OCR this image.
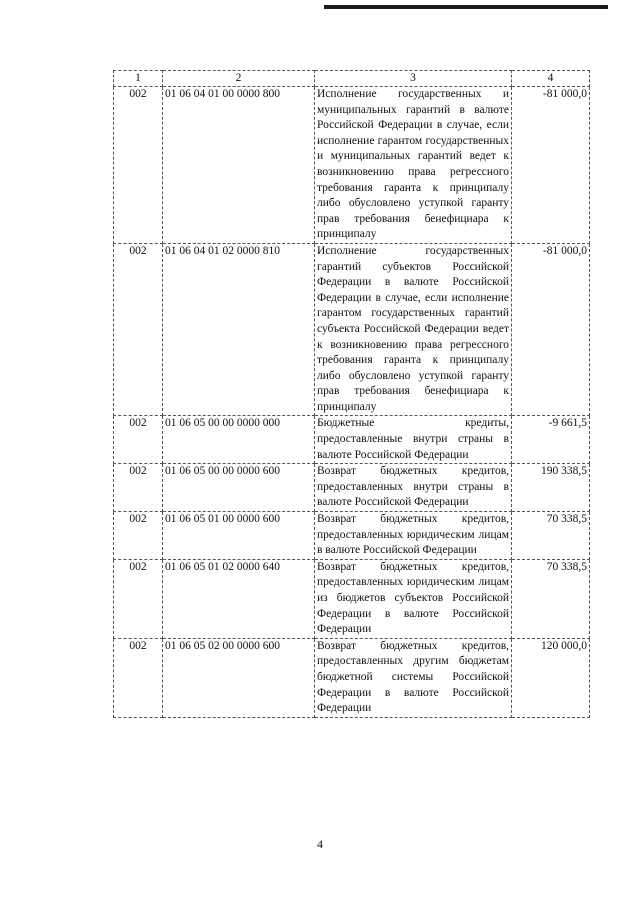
1	2	3	4
002	01 06 04 01 00 0000 800	Исполнение государственных и муниципальных гарантий в валюте Российской Федерации в случае, если исполнение гарантом государственных и муниципальных гарантий ведет к возникновению права регрессного требования гаранта к принципалу либо обусловлено уступкой гаранту прав требования бенефициара к принципалу	-81 000,0
002	01 06 04 01 02 0000 810	Исполнение государственных гарантий субъектов Российской Федерации в валюте Российской Федерации в случае, если исполнение гарантом государственных гарантий субъекта Российской Федерации ведет к возникновению права регрессного требования гаранта к принципалу либо обусловлено уступкой гаранту прав требования бенефициара к принципалу	-81 000,0
002	01 06 05 00 00 0000 000	Бюджетные кредиты, предоставленные внутри страны в валюте Российской Федерации	-9 661,5
002	01 06 05 00 00 0000 600	Возврат бюджетных кредитов, предоставленных внутри страны в валюте Российской Федерации	190 338,5
002	01 06 05 01 00 0000 600	Возврат бюджетных кредитов, предоставленных юридическим лицам в валюте Российской Федерации	70 338,5
002	01 06 05 01 02 0000 640	Возврат бюджетных кредитов, предоставленных юридическим лицам из бюджетов субъектов Российской Федерации в валюте Российской Федерации	70 338,5
002	01 06 05 02 00 0000 600	Возврат бюджетных кредитов, предоставленных другим бюджетам бюджетной системы Российской Федерации в валюте Российской Федерации	120 000,0
4
